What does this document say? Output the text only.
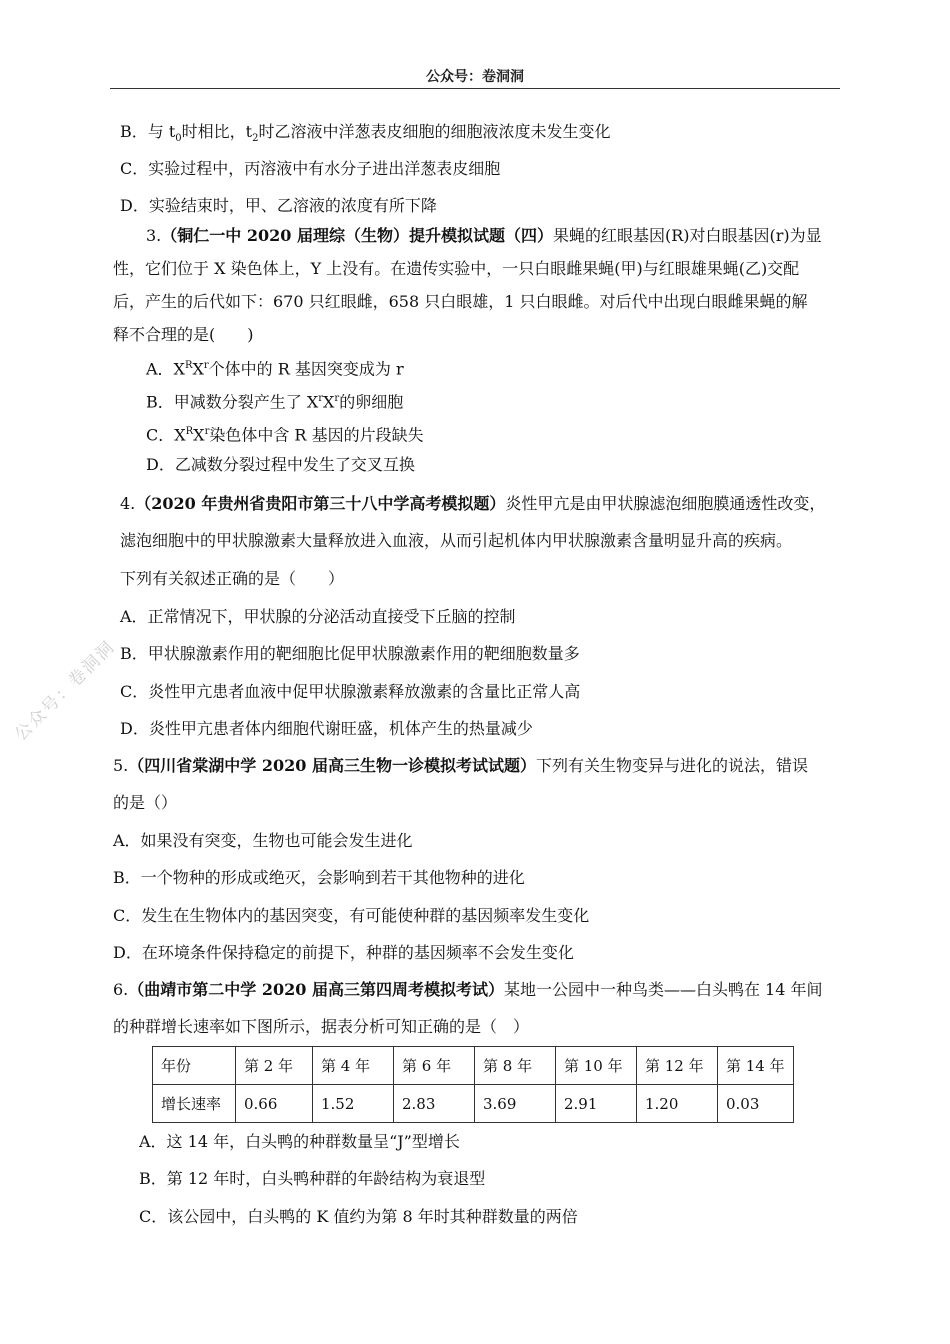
公众号：卷洞洞
公众号：卷洞洞
B．与 $t_0$时相比，$t_2$时乙溶液中洋葱表皮细胞的细胞液浓度未发生变化
C．实验过程中，丙溶液中有水分子进出洋葱表皮细胞
D．实验结束时，甲、乙溶液的浓度有所下降
3.（铜仁一中 2020 届理综（生物）提升模拟试题（四）果蝇的红眼基因(R)对白眼基因(r)为显
性，它们位于 X 染色体上，Y 上没有。在遗传实验中，一只白眼雌果蝇(甲)与红眼雄果蝇(乙)交配
后，产生的后代如下：670 只红眼雌，658 只白眼雄，1 只白眼雌。对后代中出现白眼雌果蝇的解
释不合理的是(　　)
A．$X^RX^r$个体中的 R 基因突变成为 r
B．甲减数分裂产生了 $X^rX^r$的卵细胞
C．$X^RX^r$染色体中含 R 基因的片段缺失
D．乙减数分裂过程中发生了交叉互换
4.（2020 年贵州省贵阳市第三十八中学高考模拟题）炎性甲亢是由甲状腺滤泡细胞膜通透性改变，
滤泡细胞中的甲状腺激素大量释放进入血液，从而引起机体内甲状腺激素含量明显升高的疾病。
下列有关叙述正确的是（　　）
A．正常情况下，甲状腺的分泌活动直接受下丘脑的控制
B．甲状腺激素作用的靶细胞比促甲状腺激素作用的靶细胞数量多
C．炎性甲亢患者血液中促甲状腺激素释放激素的含量比正常人高
D．炎性甲亢患者体内细胞代谢旺盛，机体产生的热量减少
5.（四川省棠湖中学 2020 届高三生物一诊模拟考试试题）下列有关生物变异与进化的说法，错误
的是（）
A．如果没有突变，生物也可能会发生进化
B．一个物种的形成或绝灭，会影响到若干其他物种的进化
C．发生在生物体内的基因突变，有可能使种群的基因频率发生变化
D．在环境条件保持稳定的前提下，种群的基因频率不会发生变化
6.（曲靖市第二中学 2020 届高三第四周考模拟考试）某地一公园中一种鸟类——白头鸭在 14 年间
的种群增长速率如下图所示，据表分析可知正确的是（　）
年份	第 2 年	第 4 年	第 6 年	第 8 年	第 10 年	第 12 年	第 14 年
增长速率	0.66	1.52	2.83	3.69	2.91	1.20	0.03
A．这 14 年，白头鸭的种群数量呈“J”型增长
B．第 12 年时，白头鸭种群的年龄结构为衰退型
C．该公园中，白头鸭的 K 值约为第 8 年时其种群数量的两倍
